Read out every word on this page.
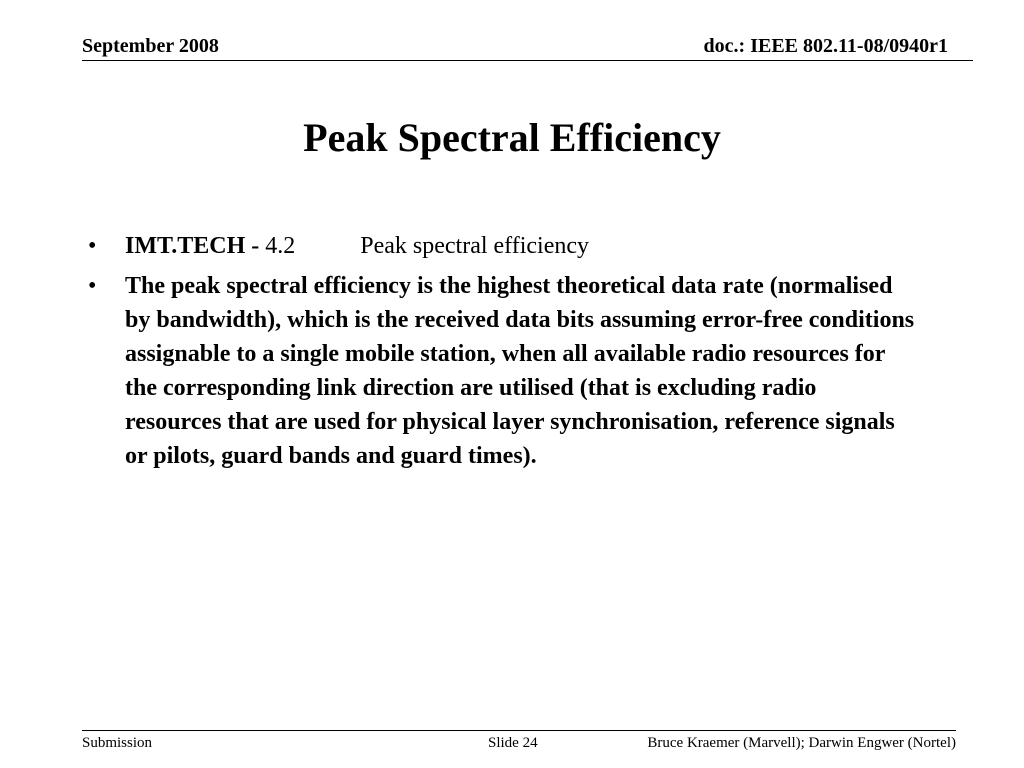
September 2008	doc.: IEEE 802.11-08/0940r1
Peak Spectral Efficiency
•	IMT.TECH - 4.2	Peak spectral efficiency
•	The peak spectral efficiency is the highest theoretical data rate (normalised by bandwidth), which is the received data bits assuming error-free conditions assignable to a single mobile station, when all available radio resources for the corresponding link direction are utilised (that is excluding radio resources that are used for physical layer synchronisation, reference signals or pilots, guard bands and guard times).
Submission	Slide 24	Bruce Kraemer (Marvell); Darwin Engwer (Nortel)
